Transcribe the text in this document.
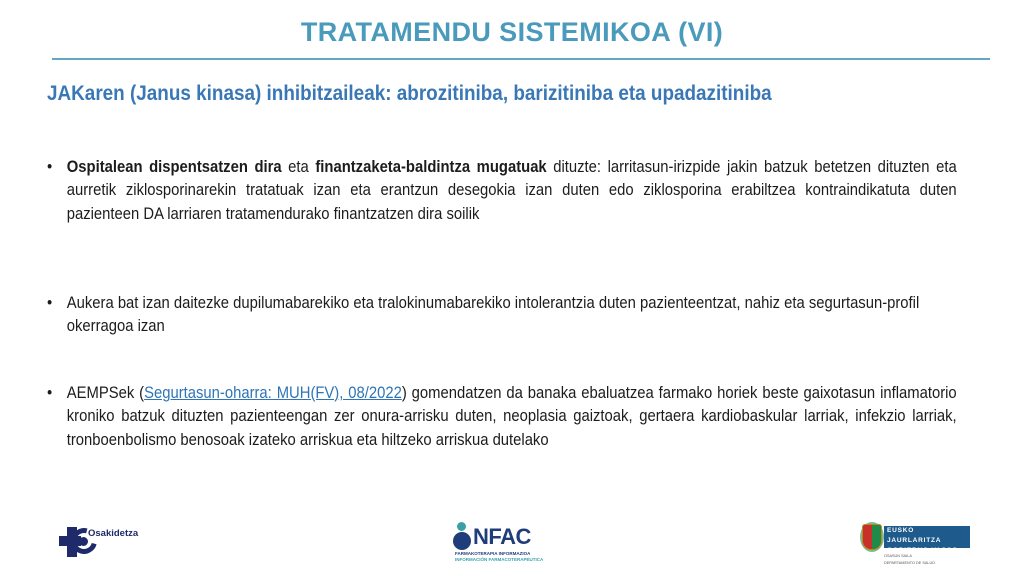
TRATAMENDU SISTEMIKOA (VI)
JAKaren (Janus kinasa) inhibitzaileak: abrozitiniba, barizitiniba eta upadazitiniba
• Ospitalean dispentsatzen dira eta finantzaketa-baldintza mugatuak dituzte: larritasun-irizpide jakin batzuk betetzen dituzten eta aurretik ziklosporinarekin tratatuak izan eta erantzun desegokia izan duten edo ziklosporina erabiltzea kontraindikatuta duten pazienteen DA larriaren tratamendurako finantzatzen dira soilik
• Aukera bat izan daitezke dupilumabarekiko eta tralokinumabarekiko intolerantzia duten pazienteentzat, nahiz eta segurtasun-profil okerragoa izan
• AEMPSek (Segurtasun-oharra: MUH(FV), 08/2022) gomendatzen da banaka ebaluatzea farmako horiek beste gaixotasun inflamatorio kroniko batzuk dituzten pazienteengan zer onura-arrisku duten, neoplasia gaiztoak, gertaera kardiobaskular larriak, infekzio larriak, tronboenbolismo benosoak izateko arriskua eta hiltzeko arriskua dutelako
Osakidetza	NFAC
FARMAKOTERAPIA INFORMAZIOA
INFORMACIÓN FARMACOTERAPÉUTICA
EUSKO JAURLARITZA
GOBIERNO VASCO
OSASUN SAILA
DEPARTAMENTO DE SALUD
